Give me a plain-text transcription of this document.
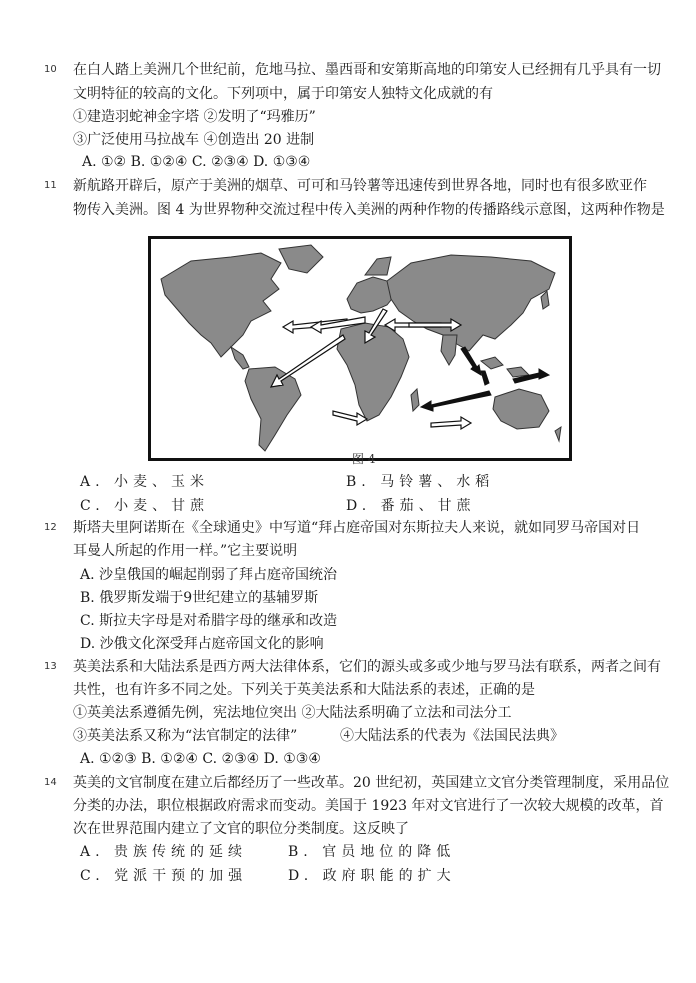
10 在白人踏上美洲几个世纪前，危地马拉、墨西哥和安第斯高地的印第安人已经拥有几乎具有一切
文明特征的较高的文化。下列项中，属于印第安人独特文化成就的有
①建造羽蛇神金字塔 ②发明了“玛雅历”
③广泛使用马拉战车 ④创造出 20 进制
A. ①② B. ①②④ C. ②③④ D. ①③④
11 新航路开辟后，原产于美洲的烟草、可可和马铃薯等迅速传到世界各地，同时也有很多欧亚作
物传入美洲。图 4 为世界物种交流过程中传入美洲的两种作物的传播路线示意图，这两种作物是
图 4
A. 小麦、玉米	B. 马铃薯、水稻
C. 小麦、甘蔗	D. 番茄、甘蔗
12 斯塔夫里阿诺斯在《全球通史》中写道“拜占庭帝国对东斯拉夫人来说，就如同罗马帝国对日
耳曼人所起的作用一样。”它主要说明
A. 沙皇俄国的崛起削弱了拜占庭帝国统治
B. 俄罗斯发端于9世纪建立的基辅罗斯
C. 斯拉夫字母是对希腊字母的继承和改造
D. 沙俄文化深受拜占庭帝国文化的影响
13 英美法系和大陆法系是西方两大法律体系，它们的源头或多或少地与罗马法有联系，两者之间有
共性，也有许多不同之处。下列关于英美法系和大陆法系的表述，正确的是
①英美法系遵循先例，宪法地位突出 ②大陆法系明确了立法和司法分工
③英美法系又称为“法官制定的法律”	④大陆法系的代表为《法国民法典》
A. ①②③ B. ①②④ C. ②③④ D. ①③④
14 英美的文官制度在建立后都经历了一些改革。20 世纪初，英国建立文官分类管理制度，采用品位
分类的办法，职位根据政府需求而变动。美国于 1923 年对文官进行了一次较大规模的改革，首
次在世界范围内建立了文官的职位分类制度。这反映了
A. 贵族传统的延续	B. 官员地位的降低
C. 党派干预的加强	D. 政府职能的扩大
